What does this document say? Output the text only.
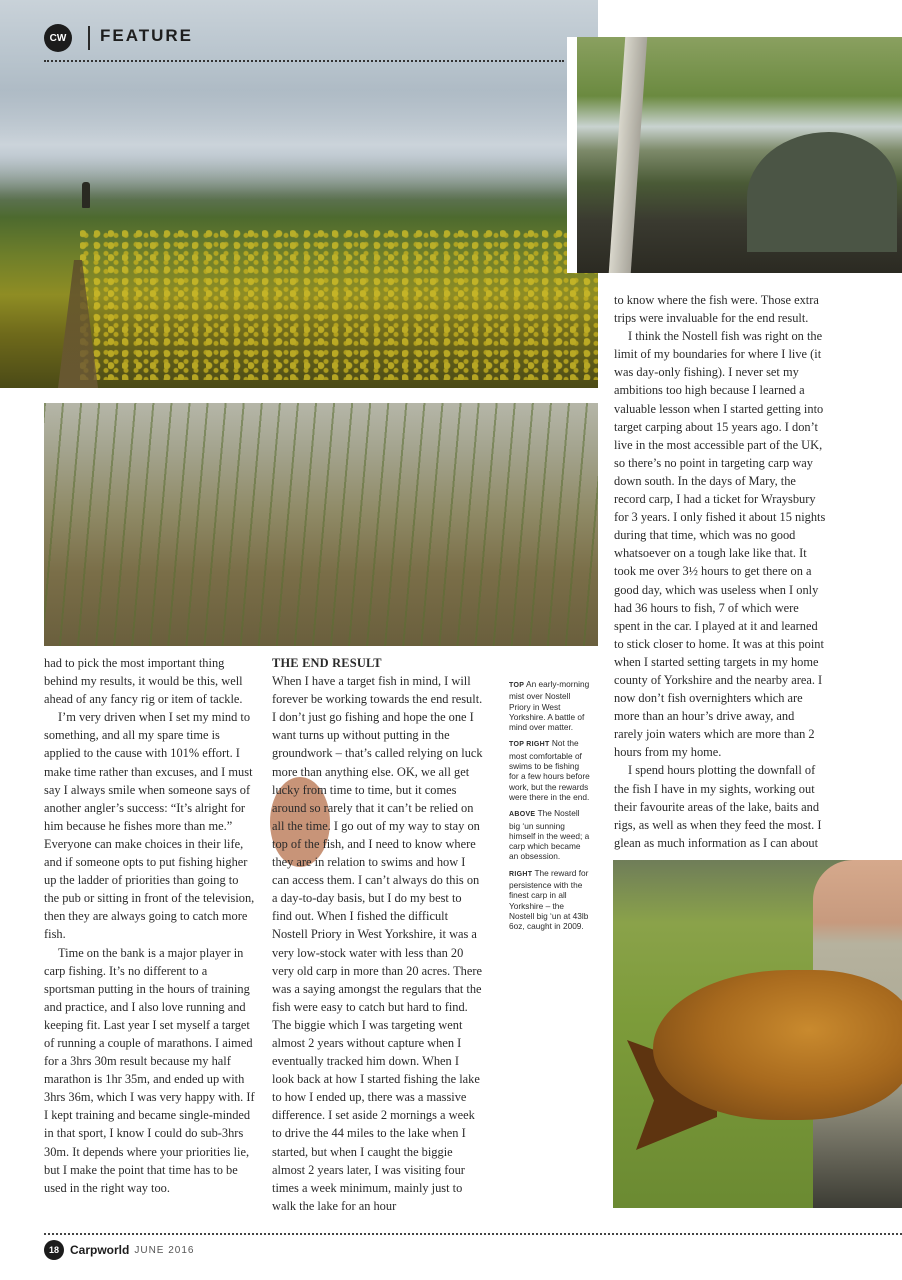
CW	FEATURE

had to pick the most important thing behind my results, it would be this, well ahead of any fancy rig or item of tackle.

I’m very driven when I set my mind to something, and all my spare time is applied to the cause with 101% effort. I make time rather than excuses, and I must say I always smile when someone says of another angler’s success: “It’s alright for him because he fishes more than me.” Everyone can make choices in their life, and if someone opts to put fishing higher up the ladder of priorities than going to the pub or sitting in front of the television, then they are always going to catch more fish.

Time on the bank is a major player in carp fishing. It’s no different to a sportsman putting in the hours of training and practice, and I also love running and keeping fit. Last year I set myself a target of running a couple of marathons. I aimed for a 3hrs 30m result because my half marathon is 1hr 35m, and ended up with 3hrs 36m, which I was very happy with. If I kept training and became single-minded in that sport, I know I could do sub-3hrs 30m. It depends where your priorities lie, but I make the point that time has to be used in the right way too.

THE END RESULT

When I have a target fish in mind, I will forever be working towards the end result. I don’t just go fishing and hope the one I want turns up without putting in the groundwork – that’s called relying on luck more than anything else. OK, we all get lucky from time to time, but it comes around so rarely that it can’t be relied on all the time. I go out of my way to stay on top of the fish, and I need to know where they are in relation to swims and how I can access them. I can’t always do this on a day-to-day basis, but I do my best to find out. When I fished the difficult Nostell Priory in West Yorkshire, it was a very low-stock water with less than 20 very old carp in more than 20 acres. There was a saying amongst the regulars that the fish were easy to catch but hard to find. The biggie which I was targeting went almost 2 years without capture when I eventually tracked him down. When I look back at how I started fishing the lake to how I ended up, there was a massive difference. I set aside 2 mornings a week to drive the 44 miles to the lake when I started, but when I caught the biggie almost 2 years later, I was visiting four times a week minimum, mainly just to walk the lake for an hour

TOP An early-morning mist over Nostell Priory in West Yorkshire. A battle of mind over matter.

TOP RIGHT Not the most comfortable of swims to be fishing for a few hours before work, but the rewards were there in the end.

ABOVE The Nostell big ‘un sunning himself in the weed; a carp which became an obsession.

RIGHT The reward for persistence with the finest carp in all Yorkshire – the Nostell big ‘un at 43lb 6oz, caught in 2009.

to know where the fish were. Those extra trips were invaluable for the end result.

I think the Nostell fish was right on the limit of my boundaries for where I live (it was day-only fishing). I never set my ambitions too high because I learned a valuable lesson when I started getting into target carping about 15 years ago. I don’t live in the most accessible part of the UK, so there’s no point in targeting carp way down south. In the days of Mary, the record carp, I had a ticket for Wraysbury for 3 years. I only fished it about 15 nights during that time, which was no good whatsoever on a tough lake like that. It took me over 3½ hours to get there on a good day, which was useless when I only had 36 hours to fish, 7 of which were spent in the car. I played at it and learned to stick closer to home. It was at this point when I started setting targets in my home county of Yorkshire and the nearby area. I now don’t fish overnighters which are more than an hour’s drive away, and rarely join waters which are more than 2 hours from my home.

I spend hours plotting the downfall of the fish I have in my sights, working out their favourite areas of the lake, baits and rigs, as well as when they feed the most. I glean as much information as I can about

18 Carpworld JUNE 2016
